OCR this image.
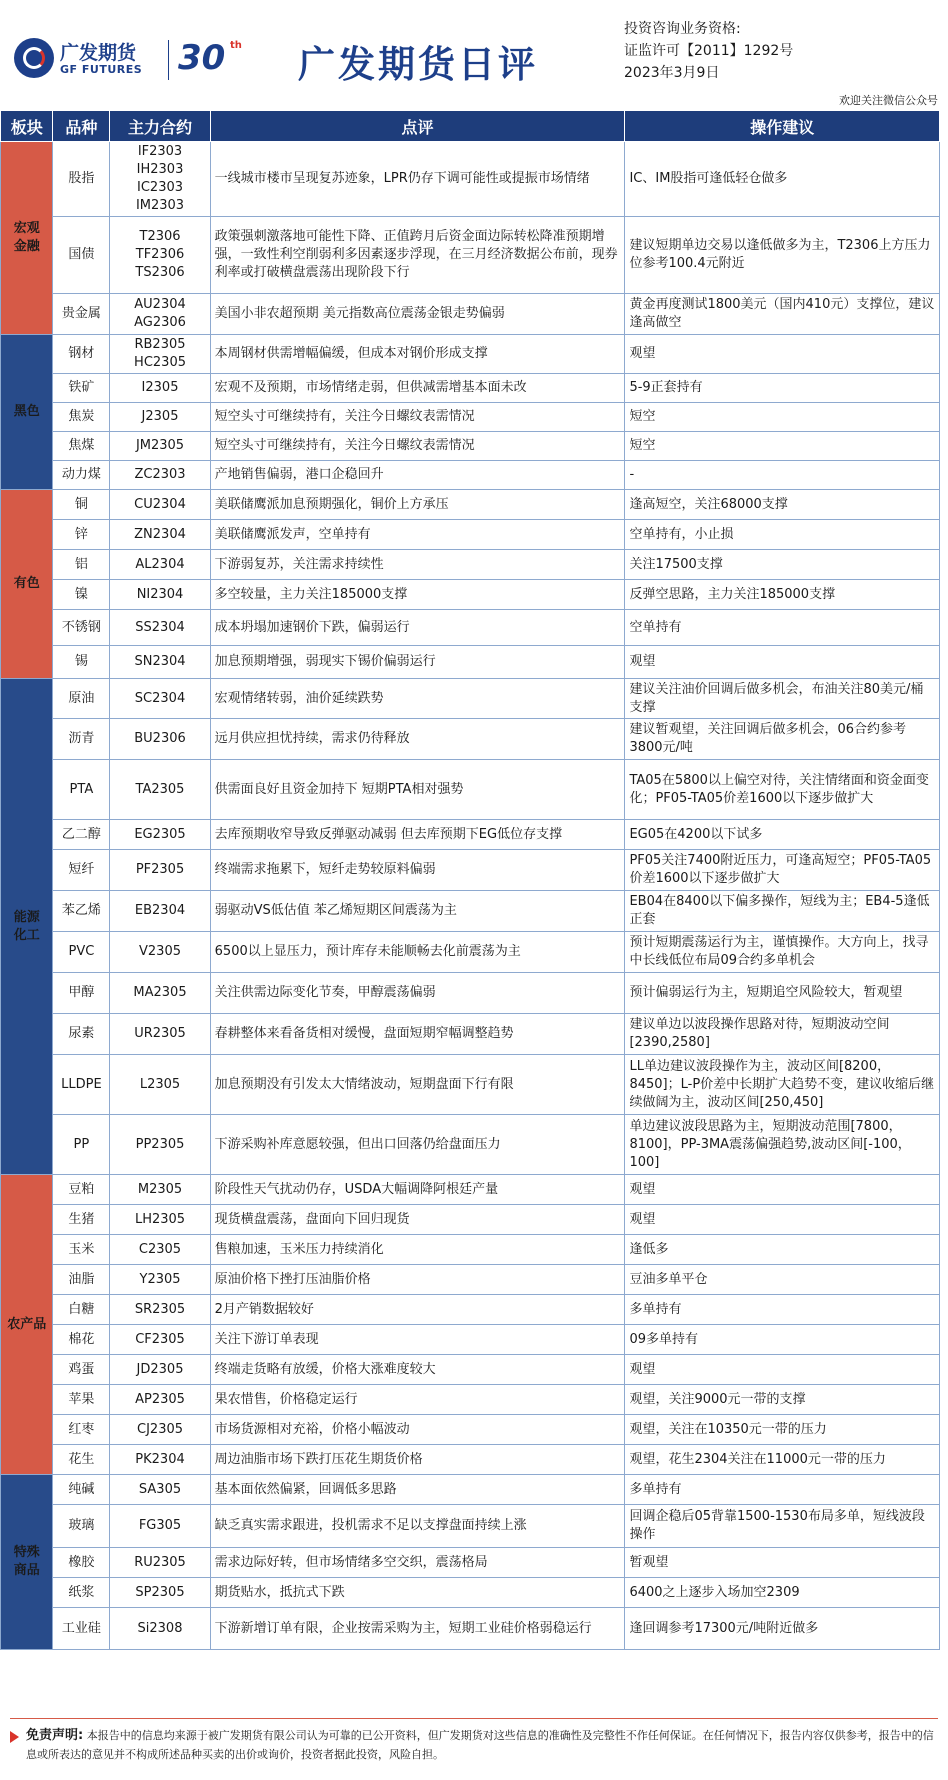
广发期货
GF FUTURES 30 th 广发期货日评
投资咨询业务资格:
证监许可【2011】1292号
2023年3月9日
欢迎关注微信公众号
板块	品种	主力合约	点评	操作建议
宏观
金融	股指	IF2303
IH2303
IC2303
IM2303	一线城市楼市呈现复苏迹象，LPR仍存下调可能性或提振市场情绪	IC、IM股指可逢低轻仓做多
	国债	T2306
TF2306
TS2306	政策强刺激落地可能性下降、正值跨月后资金面边际转松降准预期增强，一致性利空削弱利多因素逐步浮现，在三月经济数据公布前，现券利率或打破横盘震荡出现阶段下行	建议短期单边交易以逢低做多为主，T2306上方压力位参考100.4元附近
	贵金属	AU2304
AG2306	美国小非农超预期 美元指数高位震荡金银走势偏弱	黄金再度测试1800美元（国内410元）支撑位，建议逢高做空
黑色	钢材	RB2305
HC2305	本周钢材供需增幅偏缓，但成本对钢价形成支撑	观望
	铁矿	I2305	宏观不及预期，市场情绪走弱，但供减需增基本面未改	5-9正套持有
	焦炭	J2305	短空头寸可继续持有，关注今日螺纹表需情况	短空
	焦煤	JM2305	短空头寸可继续持有，关注今日螺纹表需情况	短空
	动力煤	ZC2303	产地销售偏弱，港口企稳回升	-
有色	铜	CU2304	美联储鹰派加息预期强化，铜价上方承压	逢高短空，关注68000支撑
	锌	ZN2304	美联储鹰派发声，空单持有	空单持有，小止损
	铝	AL2304	下游弱复苏，关注需求持续性	关注17500支撑
	镍	NI2304	多空较量，主力关注185000支撑	反弹空思路，主力关注185000支撑
	不锈钢	SS2304	成本坍塌加速钢价下跌，偏弱运行	空单持有
	锡	SN2304	加息预期增强，弱现实下锡价偏弱运行	观望
能源
化工	原油	SC2304	宏观情绪转弱，油价延续跌势	建议关注油价回调后做多机会，布油关注80美元/桶支撑
	沥青	BU2306	远月供应担忧持续，需求仍待释放	建议暂观望，关注回调后做多机会，06合约参考3800元/吨
	PTA	TA2305	供需面良好且资金加持下 短期PTA相对强势	TA05在5800以上偏空对待，关注情绪面和资金面变化；PF05-TA05价差1600以下逐步做扩大
	乙二醇	EG2305	去库预期收窄导致反弹驱动减弱 但去库预期下EG低位存支撑	EG05在4200以下试多
	短纤	PF2305	终端需求拖累下，短纤走势较原料偏弱	PF05关注7400附近压力，可逢高短空；PF05-TA05价差1600以下逐步做扩大
	苯乙烯	EB2304	弱驱动VS低估值 苯乙烯短期区间震荡为主	EB04在8400以下偏多操作，短线为主；EB4-5逢低正套
	PVC	V2305	6500以上显压力，预计库存未能顺畅去化前震荡为主	预计短期震荡运行为主，谨慎操作。大方向上，找寻中长线低位布局09合约多单机会
	甲醇	MA2305	关注供需边际变化节奏，甲醇震荡偏弱	预计偏弱运行为主，短期追空风险较大，暂观望
	尿素	UR2305	春耕整体来看备货相对缓慢，盘面短期窄幅调整趋势	建议单边以波段操作思路对待，短期波动空间[2390,2580]
	LLDPE	L2305	加息预期没有引发太大情绪波动，短期盘面下行有限	LL单边建议波段操作为主，波动区间[8200，8450]；L-P价差中长期扩大趋势不变，建议收缩后继续做阔为主，波动区间[250,450]
	PP	PP2305	下游采购补库意愿较强，但出口回落仍给盘面压力	单边建议波段思路为主，短期波动范围[7800，8100]，PP-3MA震荡偏强趋势,波动区间[-100，100]
农产品	豆粕	M2305	阶段性天气扰动仍存，USDA大幅调降阿根廷产量	观望
	生猪	LH2305	现货横盘震荡，盘面向下回归现货	观望
	玉米	C2305	售粮加速，玉米压力持续消化	逢低多
	油脂	Y2305	原油价格下挫打压油脂价格	豆油多单平仓
	白糖	SR2305	2月产销数据较好	多单持有
	棉花	CF2305	关注下游订单表现	09多单持有
	鸡蛋	JD2305	终端走货略有放缓，价格大涨难度较大	观望
	苹果	AP2305	果农惜售，价格稳定运行	观望，关注9000元一带的支撑
	红枣	CJ2305	市场货源相对充裕，价格小幅波动	观望，关注在10350元一带的压力
	花生	PK2304	周边油脂市场下跌打压花生期货价格	观望，花生2304关注在11000元一带的压力
特殊
商品	纯碱	SA305	基本面依然偏紧，回调低多思路	多单持有
	玻璃	FG305	缺乏真实需求跟进，投机需求不足以支撑盘面持续上涨	回调企稳后05背靠1500-1530布局多单，短线波段操作
	橡胶	RU2305	需求边际好转，但市场情绪多空交织，震荡格局	暂观望
	纸浆	SP2305	期货贴水，抵抗式下跌	6400之上逐步入场加空2309
	工业硅	Si2308	下游新增订单有限，企业按需采购为主，短期工业硅价格弱稳运行	逢回调参考17300元/吨附近做多
免责声明: 本报告中的信息均来源于被广发期货有限公司认为可靠的已公开资料，但广发期货对这些信息的准确性及完整性不作任何保证。在任何情况下，报告内容仅供参考，报告中的信息或所表达的意见并不构成所述品种买卖的出价或询价，投资者据此投资，风险自担。
